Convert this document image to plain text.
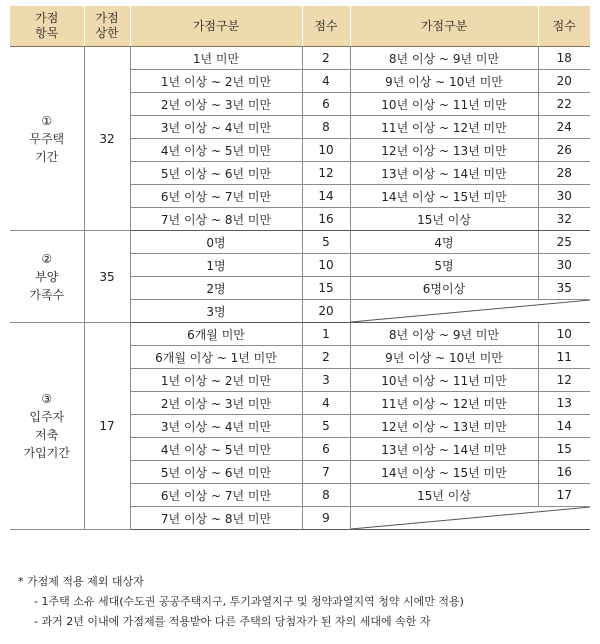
가점
항목	가점
상한	가점구분	점수	가점구분	점수
①
무주택
기간	32	1년 미만	2	8년 이상 ~ 9년 미만	18
		1년 이상 ~ 2년 미만	4	9년 이상 ~ 10년 미만	20
		2년 이상 ~ 3년 미만	6	10년 이상 ~ 11년 미만	22
		3년 이상 ~ 4년 미만	8	11년 이상 ~ 12년 미만	24
		4년 이상 ~ 5년 미만	10	12년 이상 ~ 13년 미만	26
		5년 이상 ~ 6년 미만	12	13년 이상 ~ 14년 미만	28
		6년 이상 ~ 7년 미만	14	14년 이상 ~ 15년 미만	30
		7년 이상 ~ 8년 미만	16	15년 이상	32
②
부양
가족수	35	0명	5	4명	25
		1명	10	5명	30
		2명	15	6명이상	35
		3명	20	

③
입주자
저축
가입기간	17	6개월 미만	1	8년 이상 ~ 9년 미만	10
		6개월 이상 ~ 1년 미만	2	9년 이상 ~ 10년 미만	11
		1년 이상 ~ 2년 미만	3	10년 이상 ~ 11년 미만	12
		2년 이상 ~ 3년 미만	4	11년 이상 ~ 12년 미만	13
		3년 이상 ~ 4년 미만	5	12년 이상 ~ 13년 미만	14
		4년 이상 ~ 5년 미만	6	13년 이상 ~ 14년 미만	15
		5년 이상 ~ 6년 미만	7	14년 이상 ~ 15년 미만	16
		6년 이상 ~ 7년 미만	8	15년 이상	17
		7년 이상 ~ 8년 미만	9	
* 가점제 적용 제외 대상자
- 1주택 소유 세대(수도권 공공주택지구, 투기과열지구 및 청약과열지역 청약 시에만 적용)
- 과거 2년 이내에 가점제를 적용받아 다른 주택의 당첨자가 된 자의 세대에 속한 자
